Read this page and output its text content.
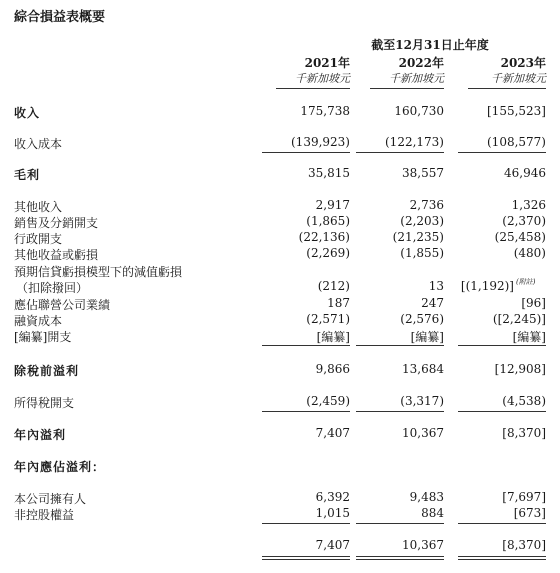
綜合損益表概要
截至12月31日止年度
2021年	2022年	2023年
千新加坡元	千新加坡元	千新加坡元
收入	175,738	160,730	[155,523]
收入成本	(139,923)	(122,173)	(108,577)
毛利	35,815	38,557	46,946
其他收入	2,917	2,736	1,326
銷售及分銷開支	(1,865)	(2,203)	(2,370)
行政開支	(22,136)	(21,235)	(25,458)
其他收益或虧損	(2,269)	(1,855)	(480)
預期信貸虧損模型下的減值虧損
（扣除撥回）	(212)	13	[(1,192)] (附註)
應佔聯營公司業績	187	247	[96]
融資成本	(2,571)	(2,576)	([2,245)]
[編纂]開支	[編纂]	[編纂]	[編纂]
除稅前溢利	9,866	13,684	[12,908]
所得稅開支	(2,459)	(3,317)	(4,538)
年內溢利	7,407	10,367	[8,370]
年內應佔溢利：
本公司擁有人	6,392	9,483	[7,697]
非控股權益	1,015	884	[673]
7,407	10,367	[8,370]
